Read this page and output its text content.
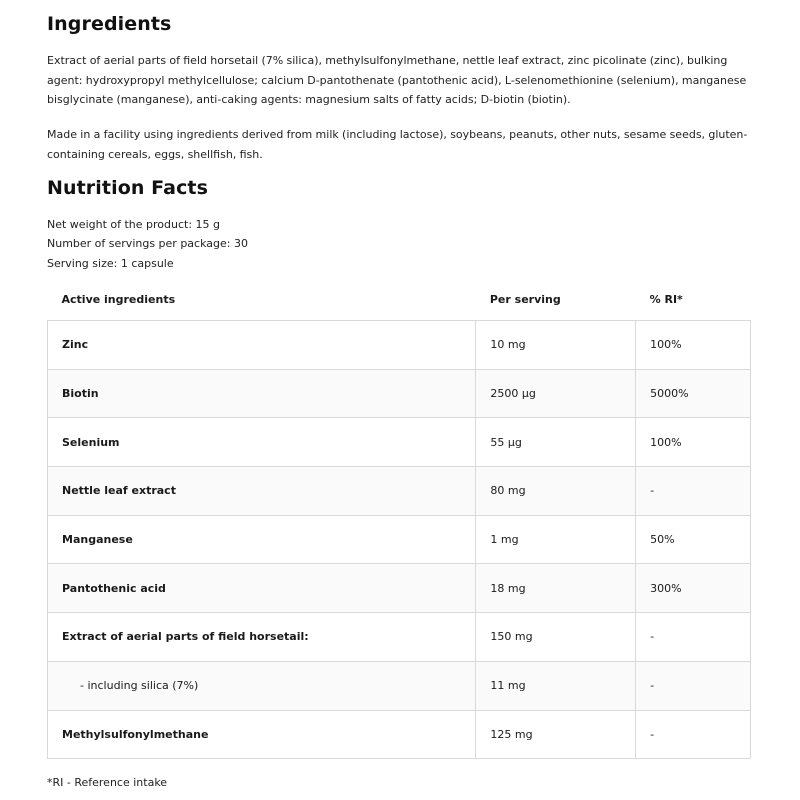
Ingredients

Extract of aerial parts of field horsetail (7% silica), methylsulfonylmethane, nettle leaf extract, zinc picolinate (zinc), bulking agent: hydroxypropyl methylcellulose; calcium D-pantothenate (pantothenic acid), L-selenomethionine (selenium), manganese bisglycinate (manganese), anti-caking agents: magnesium salts of fatty acids; D-biotin (biotin).

Made in a facility using ingredients derived from milk (including lactose), soybeans, peanuts, other nuts, sesame seeds, gluten-containing cereals, eggs, shellfish, fish.

Nutrition Facts
Net weight of the product: 15 g
Number of servings per package: 30
Serving size: 1 capsule
Active ingredients	Per serving	% RI*
Zinc	10 mg	100%
Biotin	2500 µg	5000%
Selenium	55 µg	100%
Nettle leaf extract	80 mg	-
Manganese	1 mg	50%
Pantothenic acid	18 mg	300%
Extract of aerial parts of field horsetail:	150 mg	-
- including silica (7%)	11 mg	-
Methylsulfonylmethane	125 mg	-
*RI - Reference intake
